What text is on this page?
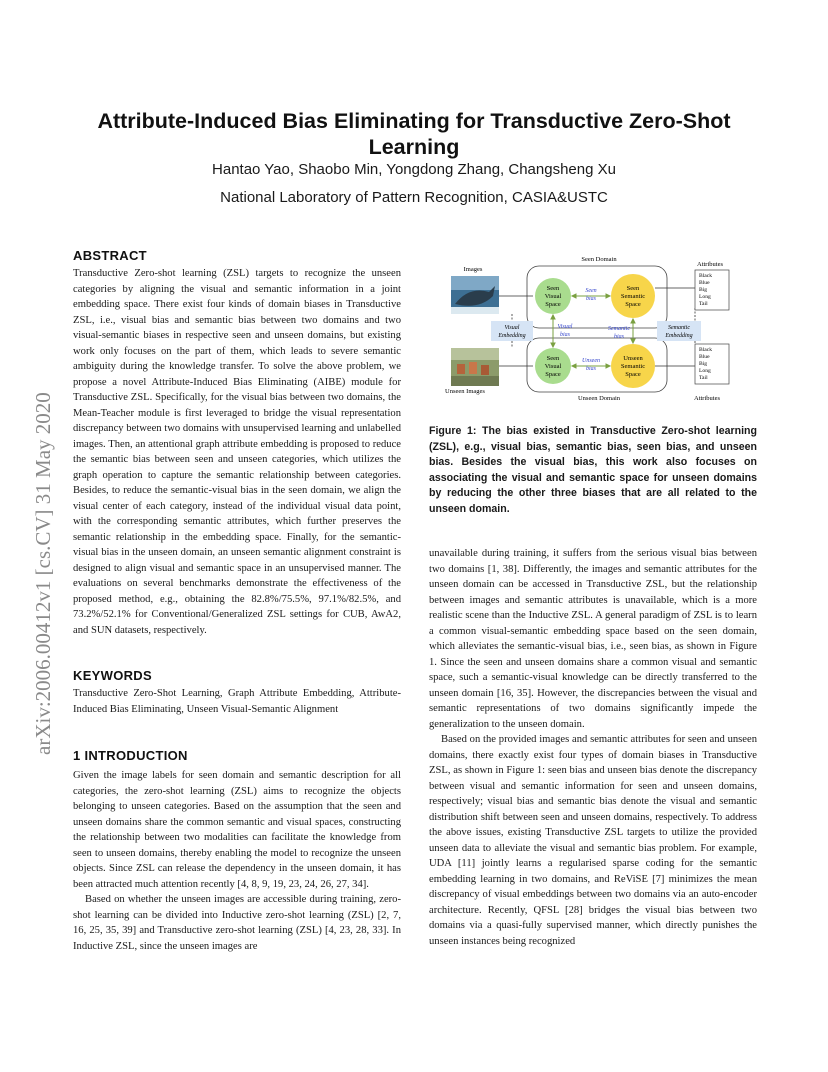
arXiv:2006.00412v1 [cs.CV] 31 May 2020
Attribute-Induced Bias Eliminating for Transductive Zero-Shot Learning
Hantao Yao, Shaobo Min, Yongdong Zhang, Changsheng Xu
National Laboratory of Pattern Recognition, CASIA&USTC
ABSTRACT

Transductive Zero-shot learning (ZSL) targets to recognize the unseen categories by aligning the visual and semantic information in a joint embedding space. There exist four kinds of domain biases in Transductive ZSL, i.e., visual bias and semantic bias between two domains and two visual-semantic biases in respective seen and unseen domains, but existing work only focuses on the part of them, which leads to severe semantic ambiguity during the knowledge transfer. To solve the above problem, we propose a novel Attribute-Induced Bias Eliminating (AIBE) module for Transductive ZSL. Specifically, for the visual bias between two domains, the Mean-Teacher module is first leveraged to bridge the visual representation discrepancy between two domains with unsupervised learning and unlabelled images. Then, an attentional graph attribute embedding is proposed to reduce the semantic bias between seen and unseen categories, which utilizes the graph operation to capture the semantic relationship between categories. Besides, to reduce the semantic-visual bias in the seen domain, we align the visual center of each category, instead of the individual visual data point, with the corresponding semantic attributes, which further preserves the semantic relationship in the embedding space. Finally, for the semantic-visual bias in the unseen domain, an unseen semantic alignment constraint is designed to align visual and semantic space in an unsupervised manner. The evaluations on several benchmarks demonstrate the effectiveness of the proposed method, e.g., obtaining the 82.8%/75.5%, 97.1%/82.5%, and 73.2%/52.1% for Conventional/Generalized ZSL settings for CUB, AwA2, and SUN datasets, respectively.

KEYWORDS

Transductive Zero-Shot Learning, Graph Attribute Embedding, Attribute-Induced Bias Eliminating, Unseen Visual-Semantic Alignment

1 INTRODUCTION

Given the image labels for seen domain and semantic description for all categories, the zero-shot learning (ZSL) aims to recognize the objects belonging to unseen categories. Based on the assumption that the seen and unseen domains share the common semantic and visual spaces, constructing the relationship between two modalities can facilitate the knowledge from seen to unseen domains, thereby enabling the model to recognize the unseen objects. Since ZSL can release the dependency in the unseen domain, it has been attracted much attention recently [4, 8, 9, 19, 23, 24, 26, 27, 34].

Based on whether the unseen images are accessible during training, zero-shot learning can be divided into Inductive zero-shot learning (ZSL) [2, 7, 16, 25, 35, 39] and Transductive zero-shot learning (ZSL) [4, 23, 28, 33]. In Inductive ZSL, since the unseen images are

Seen Domain
Unseen Domain
Images
Unseen Images
Attributes
Attributes
Seen
Visual
Space
Seen
Semantic
Space
Seen
Visual
Space
Unseen
Semantic
Space
Seen
bias
Unseen
bias
Visual
bias
Semantic
bias
Visual
Embedding
Semantic
Embedding
Black
Blue
Big
Long
Tail
Black
Blue
Big
Long
Tail
Figure 1: The bias existed in Transductive Zero-shot learning (ZSL), e.g., visual bias, semantic bias, seen bias, and unseen bias. Besides the visual bias, this work also focuses on associating the visual and semantic space for unseen domains by reducing the other three biases that are all related to the unseen domain.

unavailable during training, it suffers from the serious visual bias between two domains [1, 38]. Differently, the images and semantic attributes for the unseen domain can be accessed in Transductive ZSL, but the relationship between images and semantic attributes is unavailable, which is a more realistic scene than the Inductive ZSL. A general paradigm of ZSL is to learn a common visual-semantic embedding space based on the seen domain, which alleviates the semantic-visual bias, i.e., seen bias, as shown in Figure 1. Since the seen and unseen domains share a common visual and semantic space, such a semantic-visual knowledge can be directly transferred to the unseen domain [16, 35]. However, the discrepancies between the visual and semantic representations of two domains significantly impede the generalization to the unseen domain.

Based on the provided images and semantic attributes for seen and unseen domains, there exactly exist four types of domain biases in Transductive ZSL, as shown in Figure 1: seen bias and unseen bias denote the discrepancy between visual and semantic information for seen and unseen domains, respectively; visual bias and semantic bias denote the visual and semantic distribution shift between seen and unseen domains, respectively. To address the above issues, existing Transductive ZSL targets to utilize the provided unseen data to alleviate the visual and semantic bias problem. For example, UDA [11] jointly learns a regularised sparse coding for the semantic embedding learning in two domains, and ReViSE [7] minimizes the mean discrepancy of visual embeddings between two domains via an auto-encoder architecture. Recently, QFSL [28] bridges the visual bias between two domains via a quasi-fully supervised manner, which directly punishes the unseen instances being recognized
